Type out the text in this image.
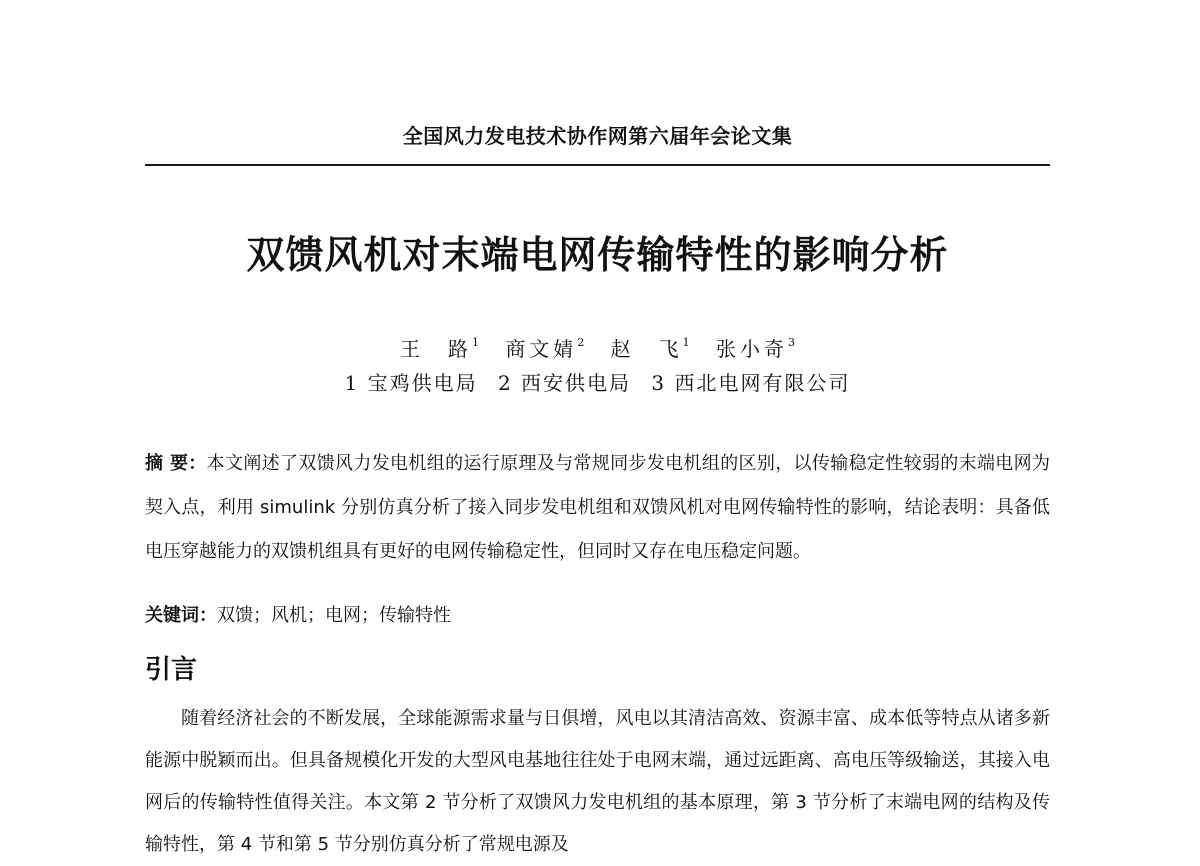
全国风力发电技术协作网第六届年会论文集
双馈风机对末端电网传输特性的影响分析
王　路$^1$ 商文婧$^2$ 赵　飞$^1$ 张小奇$^3$
1 宝鸡供电局 2 西安供电局 3 西北电网有限公司
摘 要：本文阐述了双馈风力发电机组的运行原理及与常规同步发电机组的区别，以传输稳定性较弱的末端电网为契入点，利用 simulink 分别仿真分析了接入同步发电机组和双馈风机对电网传输特性的影响，结论表明：具备低电压穿越能力的双馈机组具有更好的电网传输稳定性，但同时又存在电压稳定问题。
关键词：双馈；风机；电网；传输特性
引言
随着经济社会的不断发展，全球能源需求量与日俱增，风电以其清洁高效、资源丰富、成本低等特点从诸多新能源中脱颖而出。但具备规模化开发的大型风电基地往往处于电网末端，通过远距离、高电压等级输送，其接入电网后的传输特性值得关注。本文第 2 节分析了双馈风力发电机组的基本原理，第 3 节分析了末端电网的结构及传输特性，第 4 节和第 5 节分别仿真分析了常规电源及
